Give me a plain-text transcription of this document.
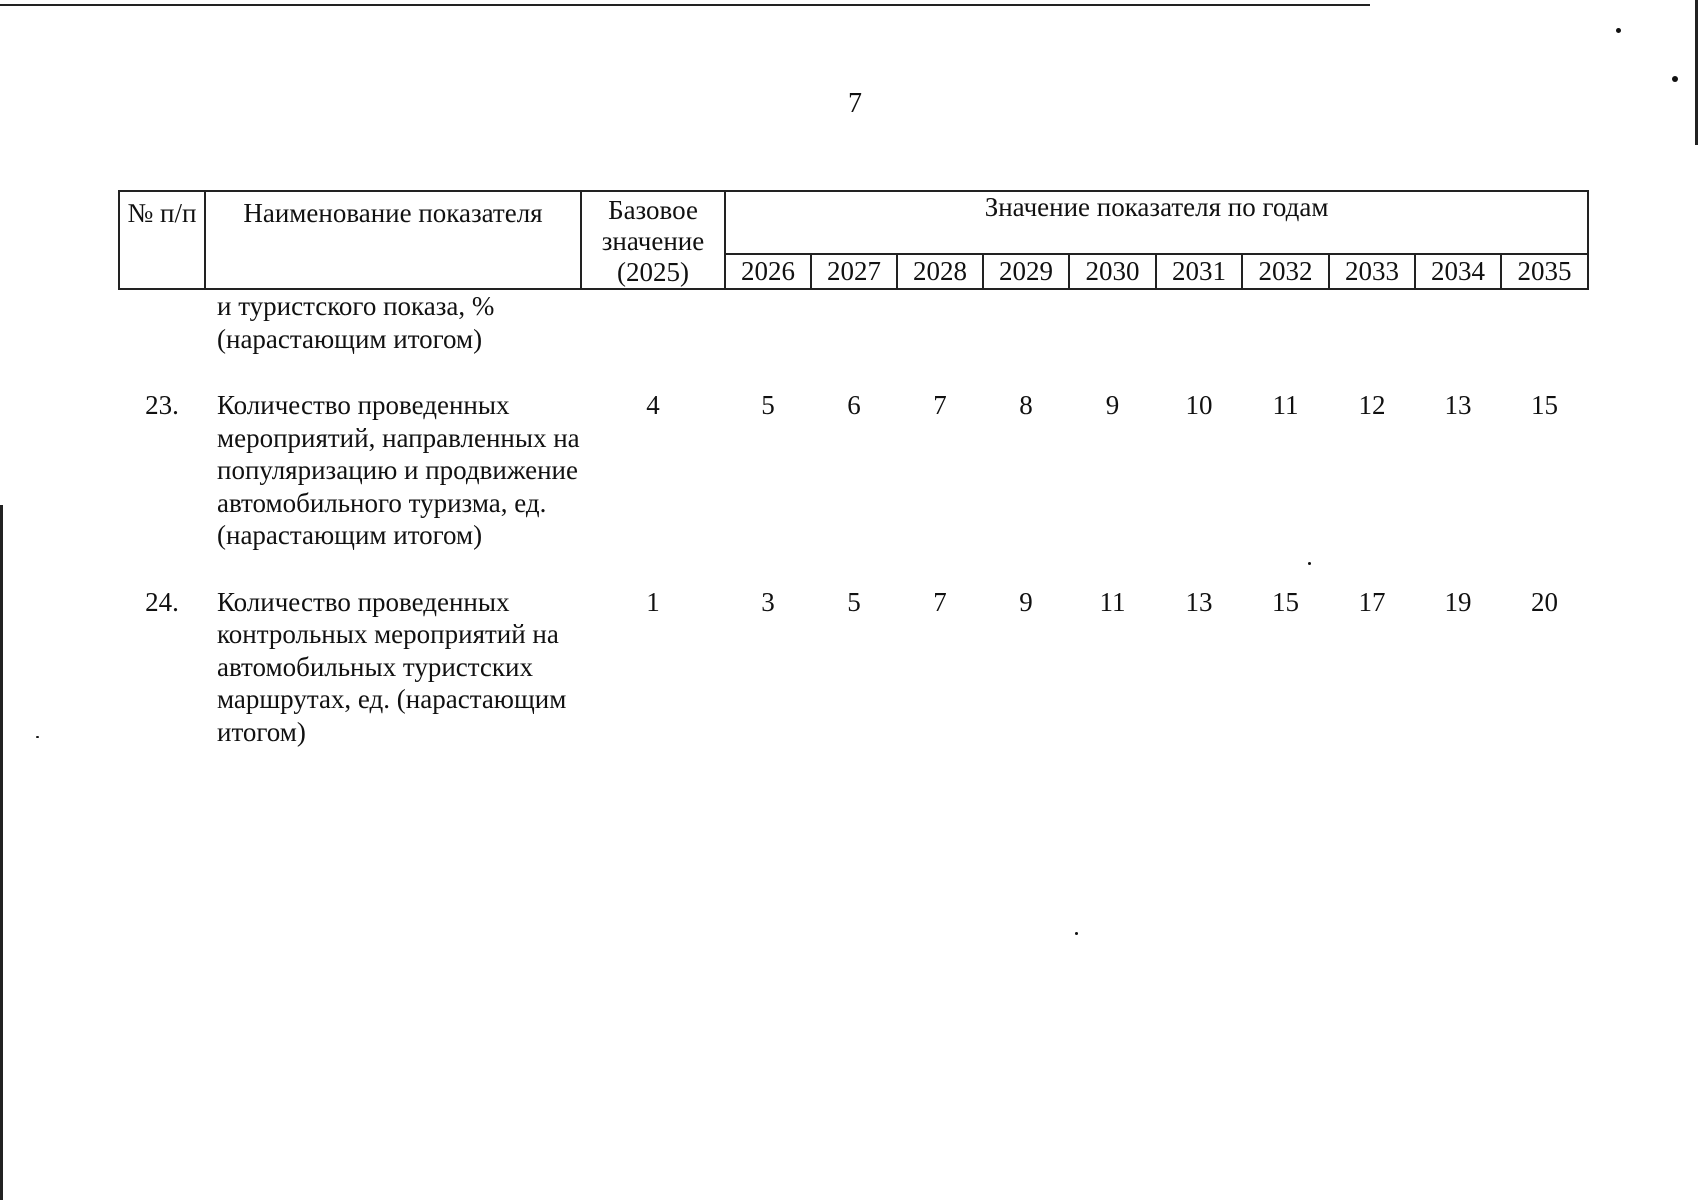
7
№ п/п	Наименование показателя	Базовое значение (2025)	Значение показателя по годам									
			2026	2027	2028	2029	2030	2031	2032	2033	2034	2035
	и туристского показа, % (нарастающим итогом)											
23.	Количество проведенных мероприятий, направленных на популяризацию и продвижение автомобильного туризма, ед. (нарастающим итогом)	4	5	6	7	8	9	10	11	12	13	15
24.	Количество проведенных контрольных мероприятий на автомобильных туристских маршрутах, ед. (нарастающим итогом)	1	3	5	7	9	11	13	15	17	19	20
